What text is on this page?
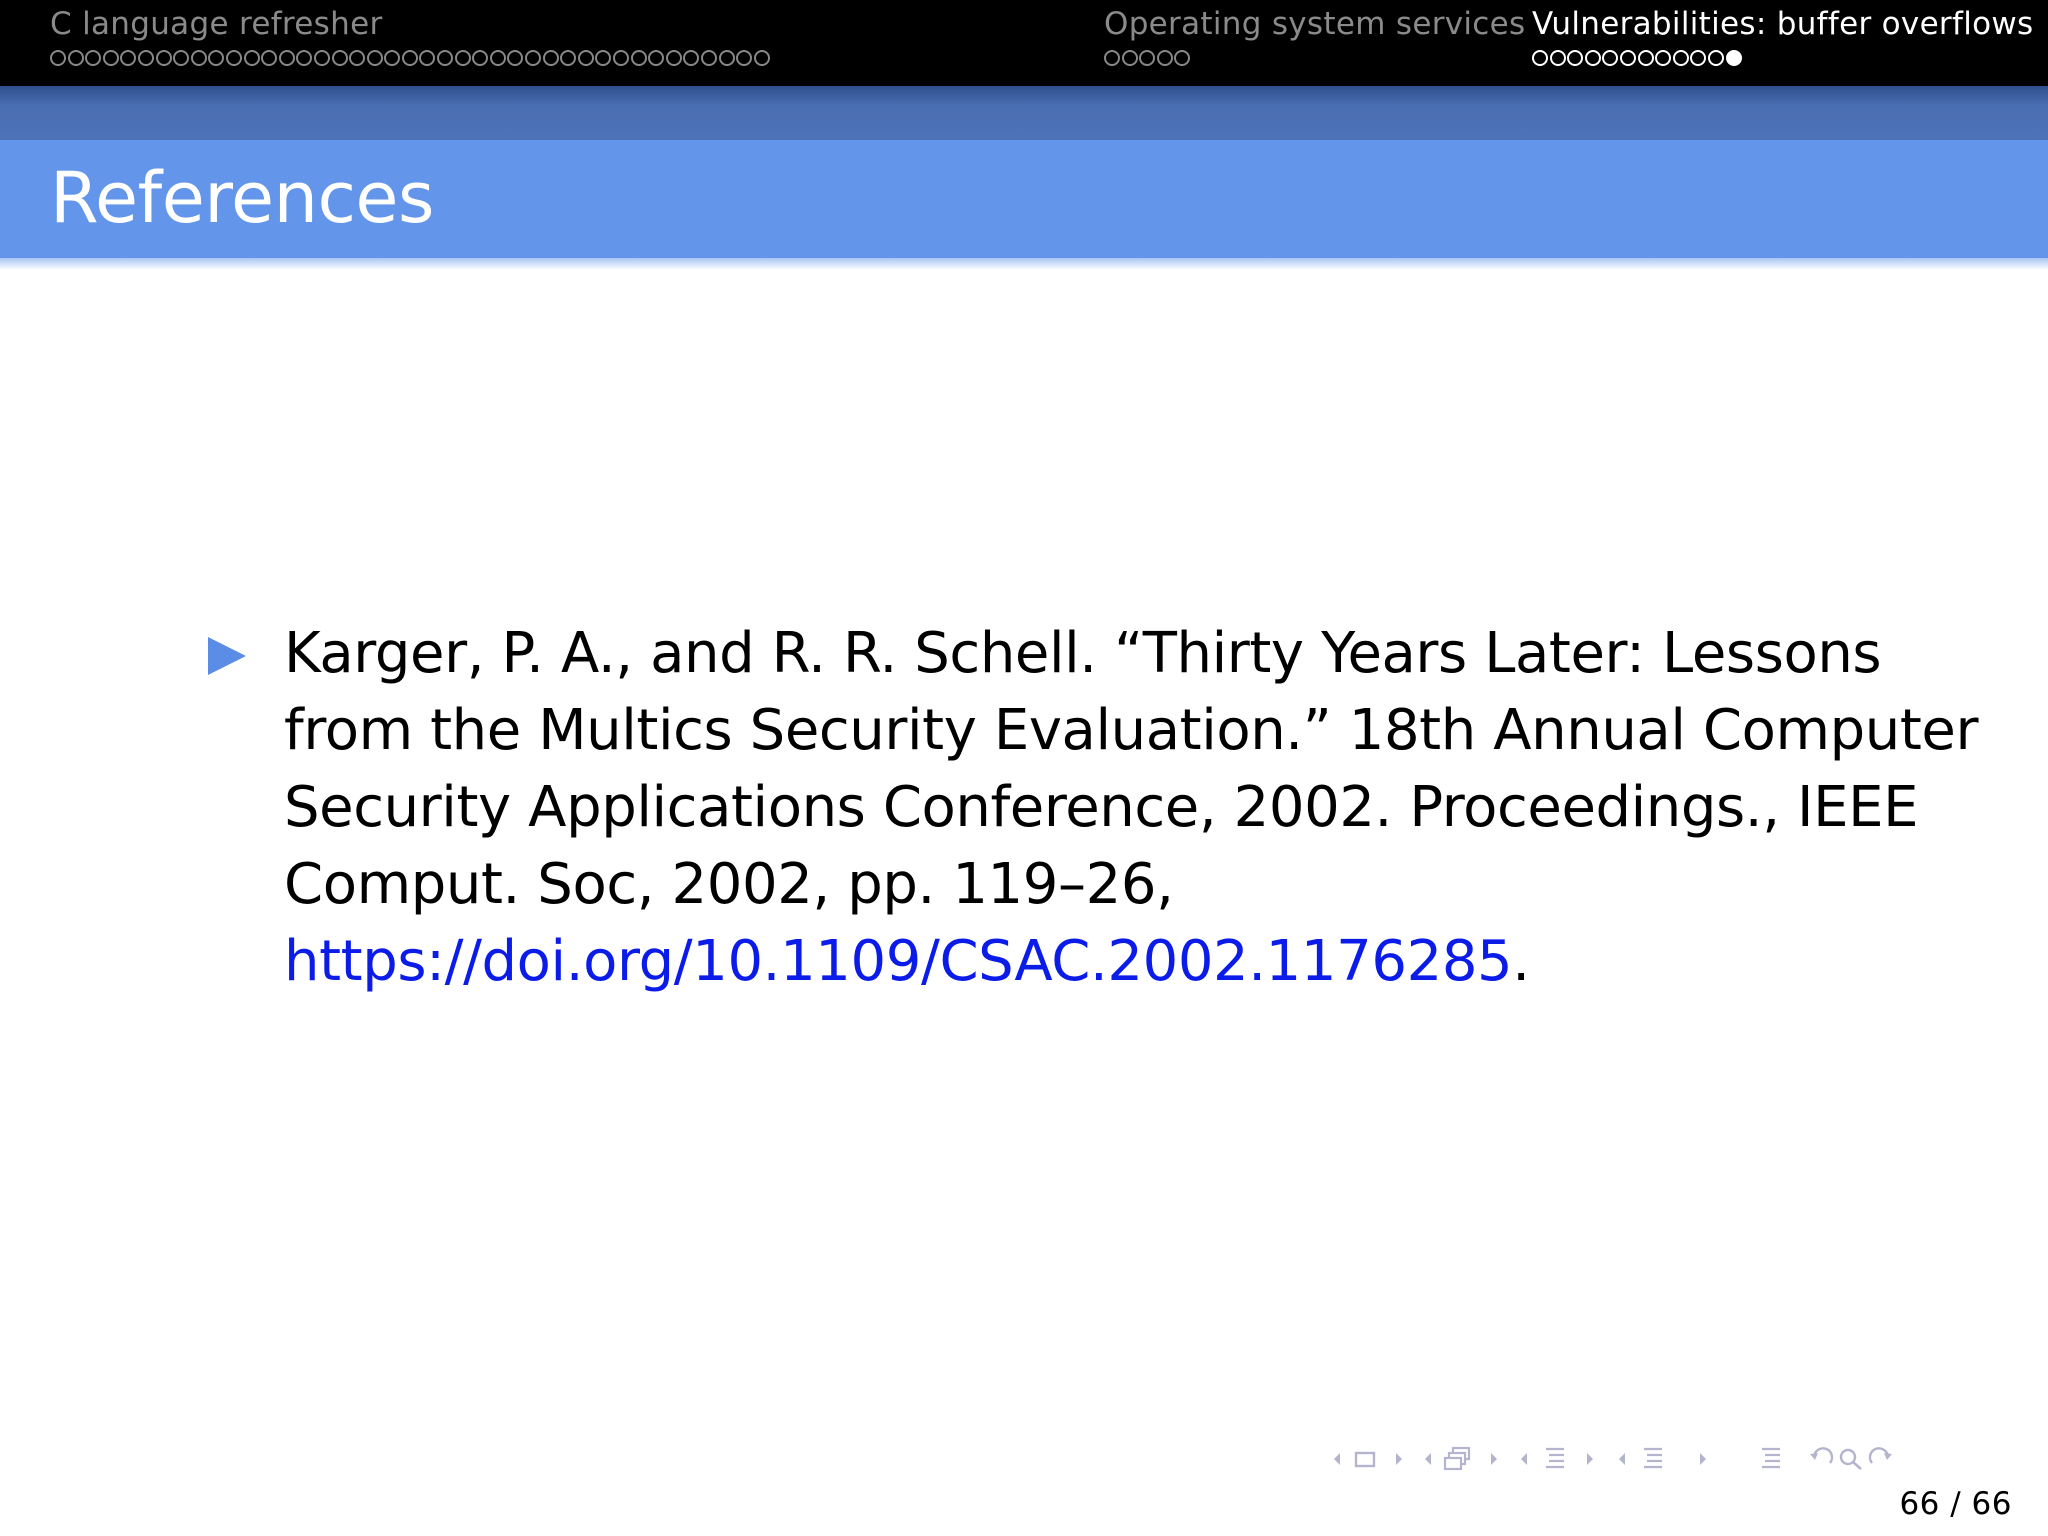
C language refresher	Operating system services Vulnerabilities: buffer overflows
References
Karger, P. A., and R. R. Schell. “Thirty Years Later: Lessons
from the Multics Security Evaluation.” 18th Annual Computer
Security Applications Conference, 2002. Proceedings., IEEE
Comput. Soc, 2002, pp. 119–26,
https://doi.org/10.1109/CSAC.2002.1176285.
66 / 66
